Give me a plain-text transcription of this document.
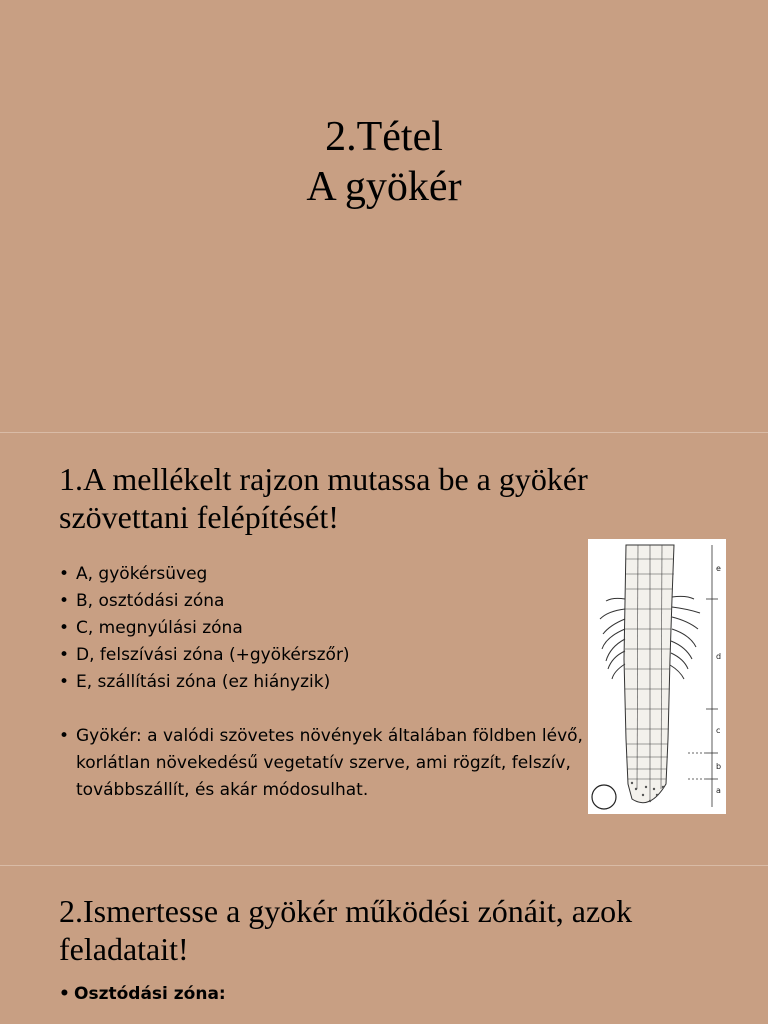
2.Tétel
A gyökér
1.A mellékelt rajzon mutassa be a gyökér
szövettani felépítését!
• A, gyökérsüveg
• B, osztódási zóna
• C, megnyúlási zóna
• D, felszívási zóna (+gyökérszőr)
• E, szállítási zóna (ez hiányzik)
• Gyökér: a valódi szövetes növények általában földben lévő, korlátlan növekedésű vegetatív szerve, ami rögzít, felszív, továbbszállít, és akár módosulhat.
e
d
c
b
a
2.Ismertesse a gyökér működési zónáit, azok
feladatait!
• Osztódási zóna:
